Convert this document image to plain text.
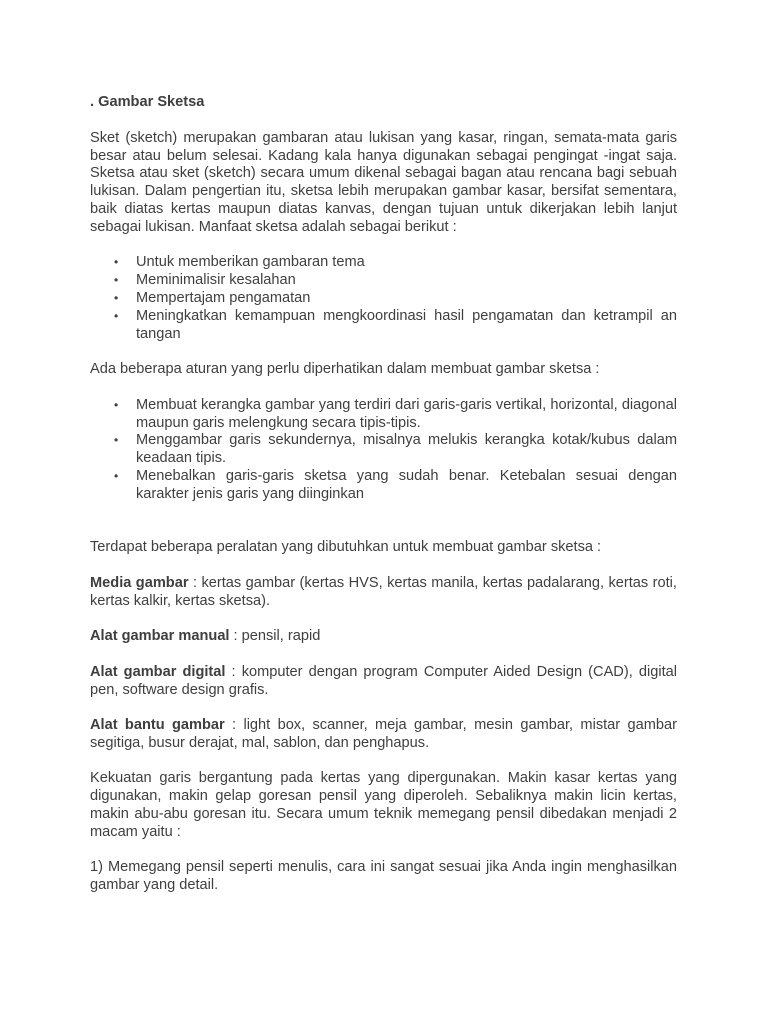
. Gambar Sketsa

Sket (sketch) merupakan gambaran atau lukisan yang kasar, ringan, semata-mata garis besar atau belum selesai. Kadang kala hanya digunakan sebagai pengingat -ingat saja. Sketsa atau sket (sketch) secara umum dikenal sebagai bagan atau rencana bagi sebuah lukisan. Dalam pengertian itu, sketsa lebih merupakan gambar kasar, bersifat sementara, baik diatas kertas maupun diatas kanvas, dengan tujuan untuk dikerjakan lebih lanjut sebagai lukisan. Manfaat sketsa adalah sebagai berikut :

• Untuk memberikan gambaran tema
• Meminimalisir kesalahan
• Mempertajam pengamatan
• Meningkatkan kemampuan mengkoordinasi hasil pengamatan dan ketrampil an tangan

Ada beberapa aturan yang perlu diperhatikan dalam membuat gambar sketsa :

• Membuat kerangka gambar yang terdiri dari garis-garis vertikal, horizontal, diagonal maupun garis melengkung secara tipis-tipis.
• Menggambar garis sekundernya, misalnya melukis kerangka kotak/kubus dalam keadaan tipis.
• Menebalkan garis-garis sketsa yang sudah benar. Ketebalan sesuai dengan karakter jenis garis yang diinginkan

Terdapat beberapa peralatan yang dibutuhkan untuk membuat gambar sketsa :

Media gambar : kertas gambar (kertas HVS, kertas manila, kertas padalarang, kertas roti, kertas kalkir, kertas sketsa).

Alat gambar manual : pensil, rapid

Alat gambar digital : komputer dengan program Computer Aided Design (CAD), digital pen, software design grafis.

Alat bantu gambar : light box, scanner, meja gambar, mesin gambar, mistar gambar segitiga, busur derajat, mal, sablon, dan penghapus.

Kekuatan garis bergantung pada kertas yang dipergunakan. Makin kasar kertas yang digunakan, makin gelap goresan pensil yang diperoleh. Sebaliknya makin licin kertas, makin abu-abu goresan itu. Secara umum teknik memegang pensil dibedakan menjadi 2 macam yaitu :

1) Memegang pensil seperti menulis, cara ini sangat sesuai jika Anda ingin menghasilkan gambar yang detail.
